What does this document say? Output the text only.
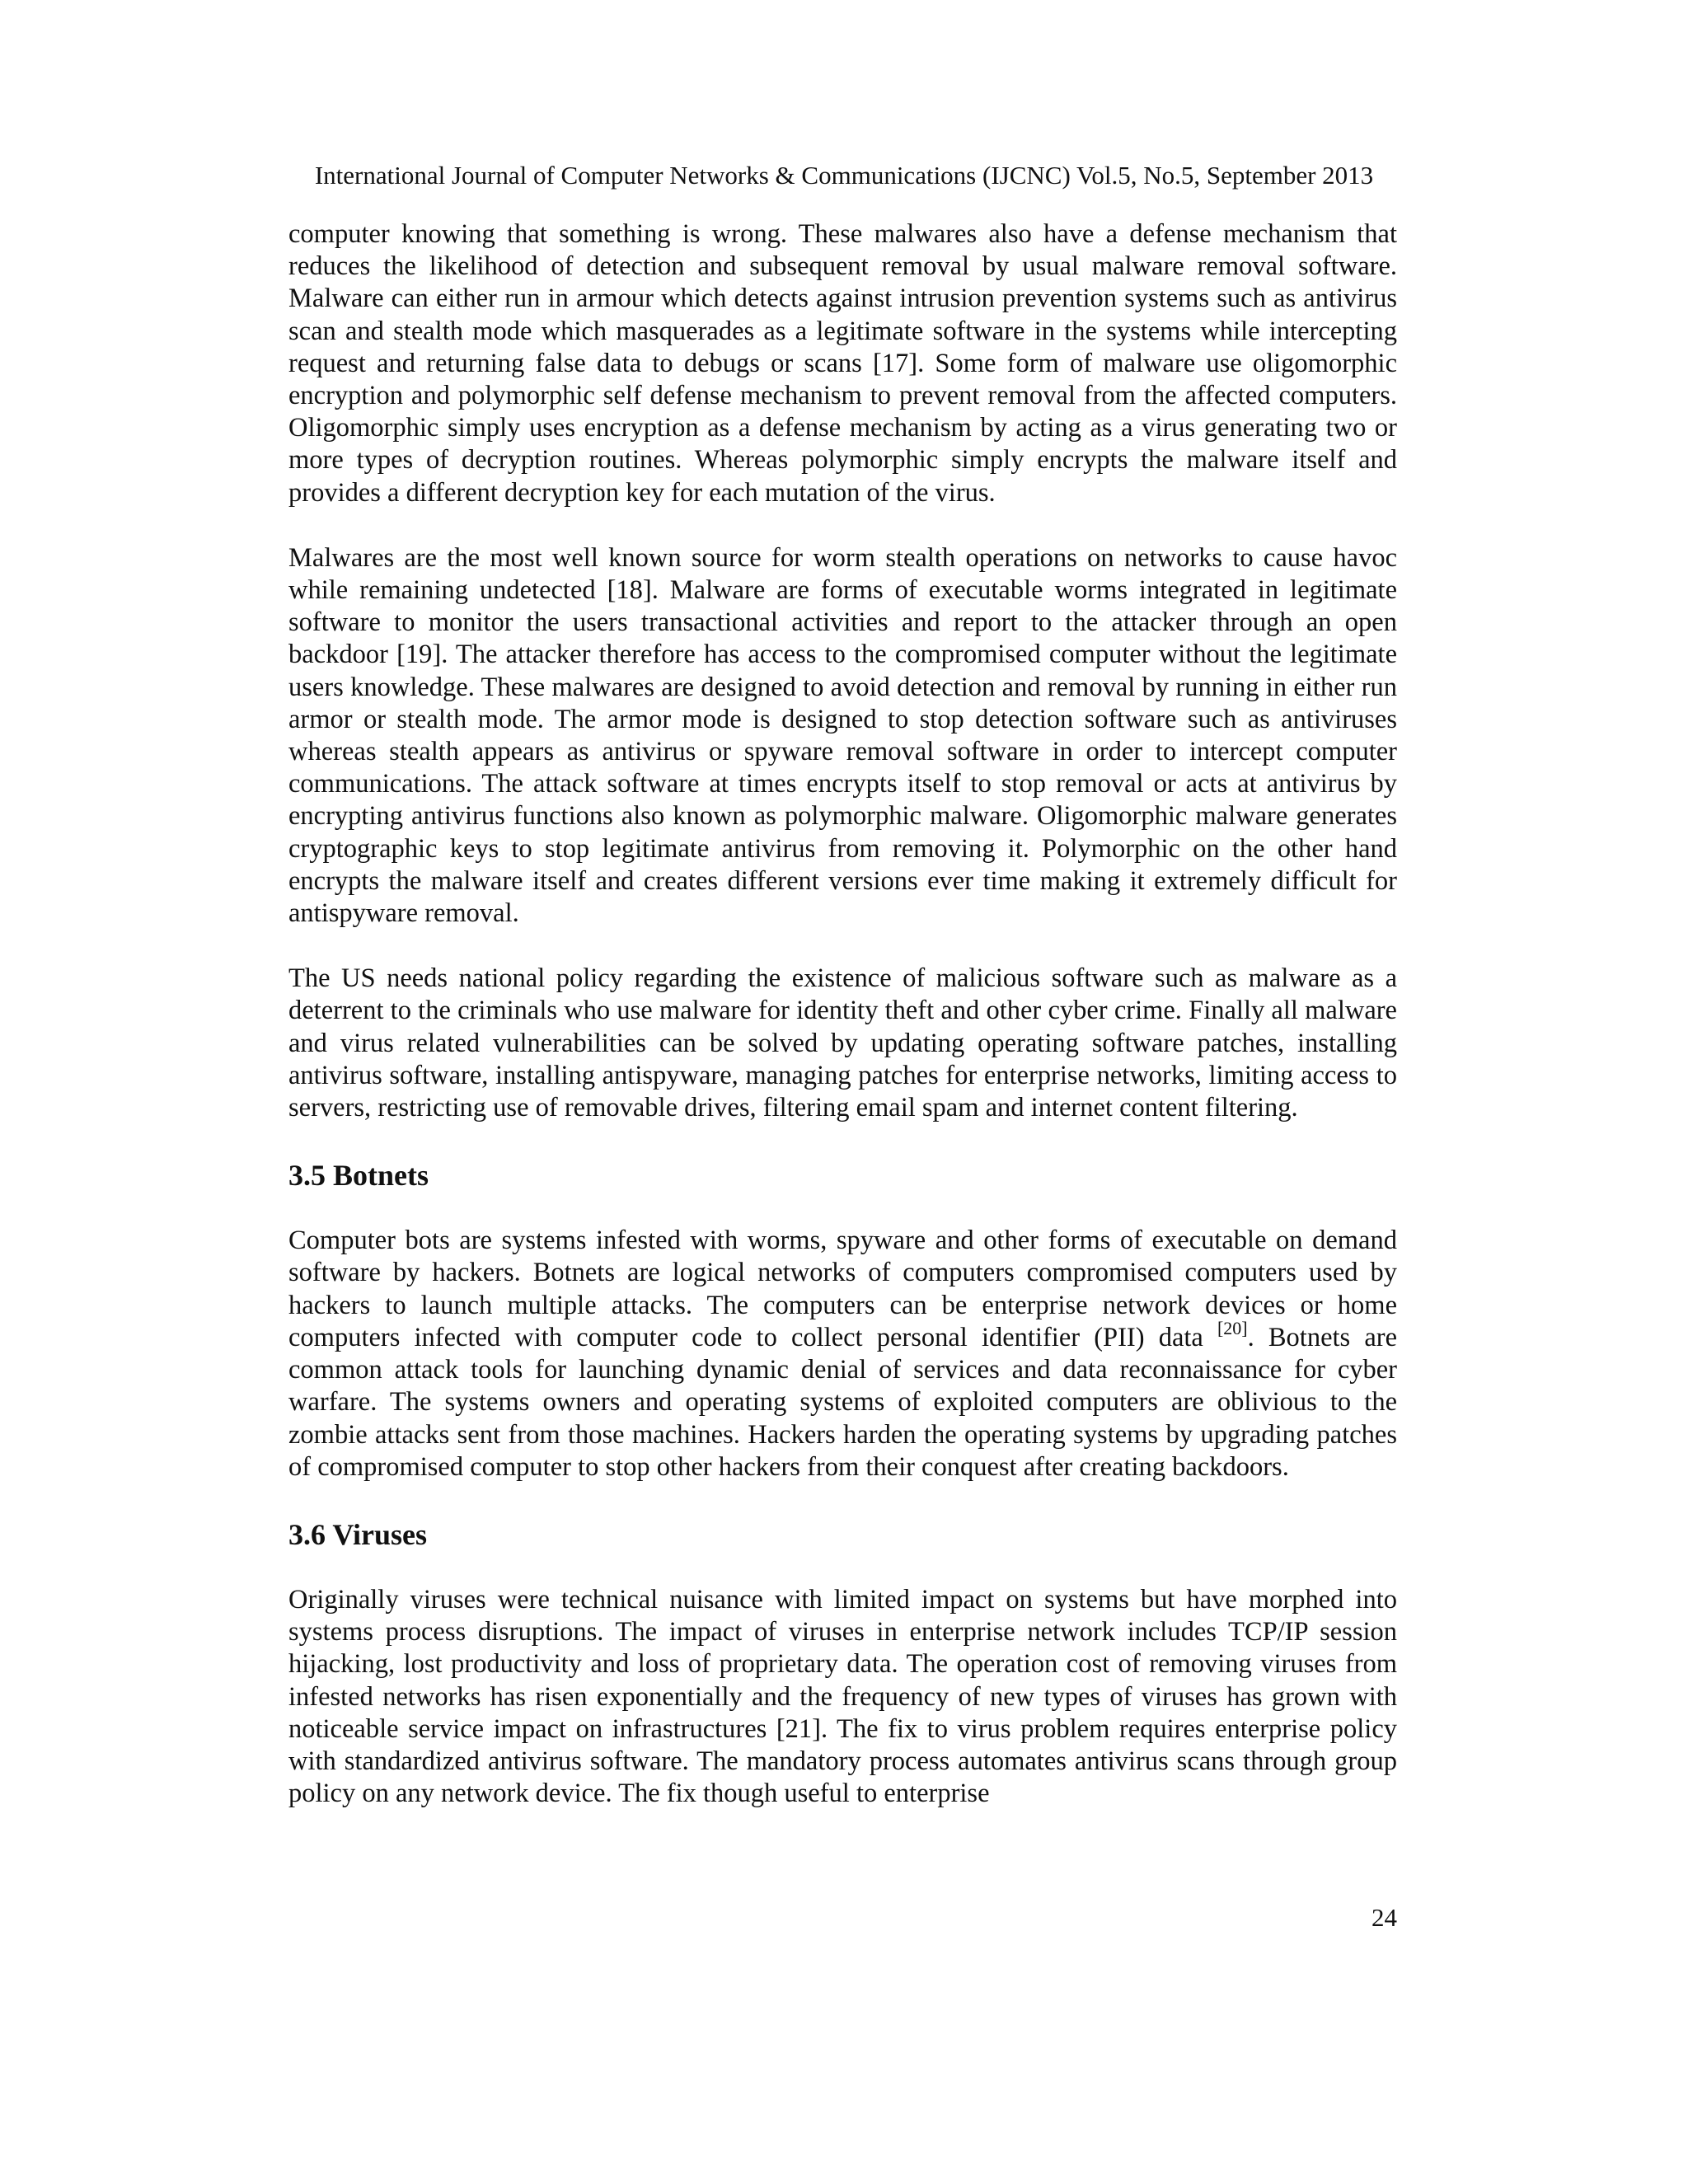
International Journal of Computer Networks & Communications (IJCNC) Vol.5, No.5, September 2013

computer knowing that something is wrong. These malwares also have a defense mechanism that reduces the likelihood of detection and subsequent removal by usual malware removal software. Malware can either run in armour which detects against intrusion prevention systems such as antivirus scan and stealth mode which masquerades as a legitimate software in the systems while intercepting request and returning false data to debugs or scans [17]. Some form of malware use oligomorphic encryption and polymorphic self defense mechanism to prevent removal from the affected computers. Oligomorphic simply uses encryption as a defense mechanism by acting as a virus generating two or more types of decryption routines. Whereas polymorphic simply encrypts the malware itself and provides a different decryption key for each mutation of the virus.

Malwares are the most well known source for worm stealth operations on networks to cause havoc while remaining undetected [18]. Malware are forms of executable worms integrated in legitimate software to monitor the users transactional activities and report to the attacker through an open backdoor [19]. The attacker therefore has access to the compromised computer without the legitimate users knowledge. These malwares are designed to avoid detection and removal by running in either run armor or stealth mode. The armor mode is designed to stop detection software such as antiviruses whereas stealth appears as antivirus or spyware removal software in order to intercept computer communications. The attack software at times encrypts itself to stop removal or acts at antivirus by encrypting antivirus functions also known as polymorphic malware. Oligomorphic malware generates cryptographic keys to stop legitimate antivirus from removing it. Polymorphic on the other hand encrypts the malware itself and creates different versions ever time making it extremely difficult for antispyware removal.

The US needs national policy regarding the existence of malicious software such as malware as a deterrent to the criminals who use malware for identity theft and other cyber crime. Finally all malware and virus related vulnerabilities can be solved by updating operating software patches, installing antivirus software, installing antispyware, managing patches for enterprise networks, limiting access to servers, restricting use of removable drives, filtering email spam and internet content filtering.

3.5 Botnets

Computer bots are systems infested with worms, spyware and other forms of executable on demand software by hackers. Botnets are logical networks of computers compromised computers used by hackers to launch multiple attacks. The computers can be enterprise network devices or home computers infected with computer code to collect personal identifier (PII) data [20]. Botnets are common attack tools for launching dynamic denial of services and data reconnaissance for cyber warfare. The systems owners and operating systems of exploited computers are oblivious to the zombie attacks sent from those machines. Hackers harden the operating systems by upgrading patches of compromised computer to stop other hackers from their conquest after creating backdoors.

3.6 Viruses

Originally viruses were technical nuisance with limited impact on systems but have morphed into systems process disruptions. The impact of viruses in enterprise network includes TCP/IP session hijacking, lost productivity and loss of proprietary data. The operation cost of removing viruses from infested networks has risen exponentially and the frequency of new types of viruses has grown with noticeable service impact on infrastructures [21]. The fix to virus problem requires enterprise policy with standardized antivirus software. The mandatory process automates antivirus scans through group policy on any network device. The fix though useful to enterprise

24
